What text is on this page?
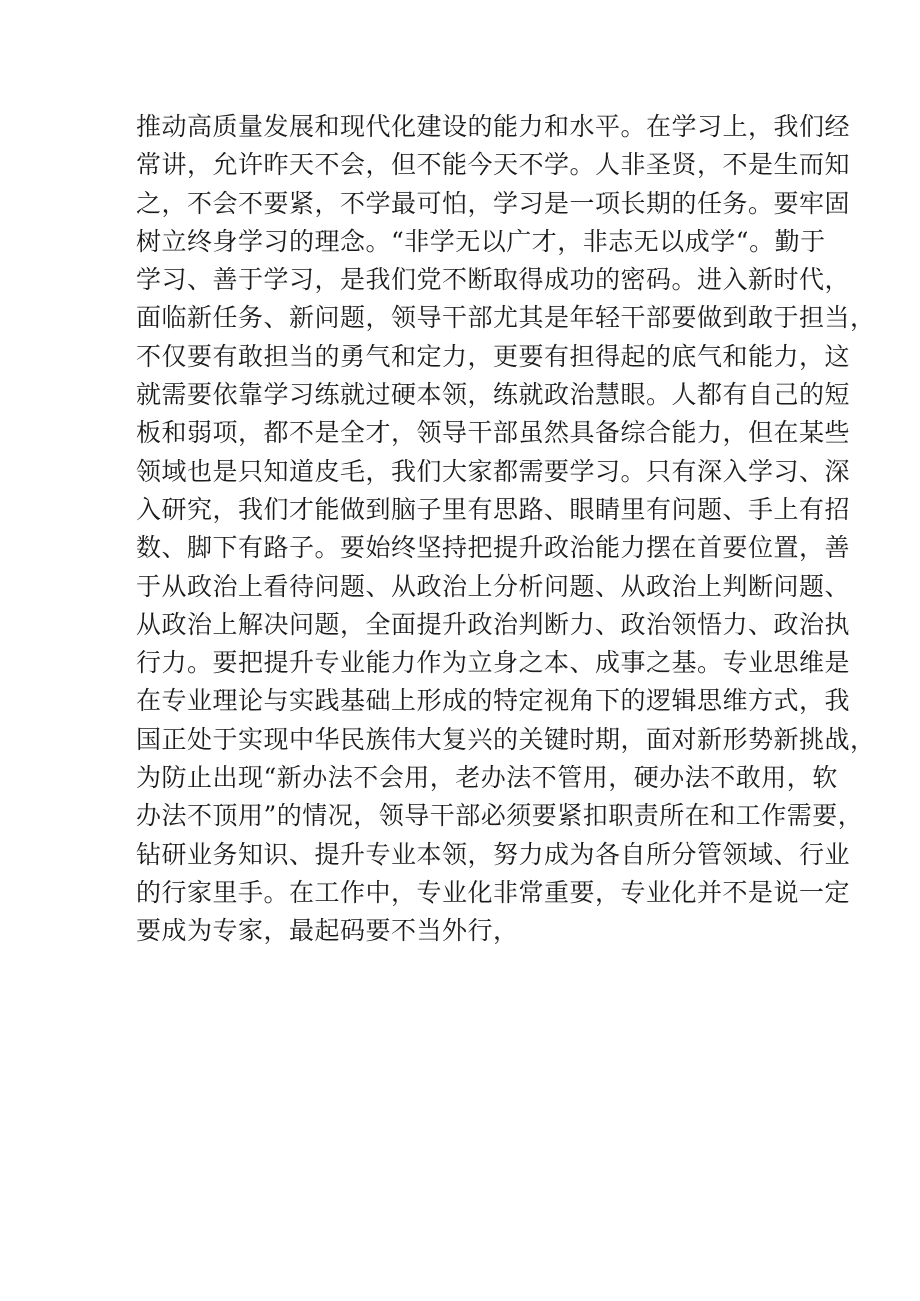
推动高质量发展和现代化建设的能力和水平。在学习上，我们经
常讲，允许昨天不会，但不能今天不学。人非圣贤，不是生而知
之，不会不要紧，不学最可怕，学习是一项长期的任务。要牢固
树立终身学习的理念。“非学无以广才，非志无以成学“。勤于
学习、善于学习，是我们党不断取得成功的密码。进入新时代，
面临新任务、新问题，领导干部尤其是年轻干部要做到敢于担当，
不仅要有敢担当的勇气和定力，更要有担得起的底气和能力，这
就需要依靠学习练就过硬本领，练就政治慧眼。人都有自己的短
板和弱项，都不是全才，领导干部虽然具备综合能力，但在某些
领域也是只知道皮毛，我们大家都需要学习。只有深入学习、深
入研究，我们才能做到脑子里有思路、眼睛里有问题、手上有招
数、脚下有路子。要始终坚持把提升政治能力摆在首要位置，善
于从政治上看待问题、从政治上分析问题、从政治上判断问题、
从政治上解决问题，全面提升政治判断力、政治领悟力、政治执
行力。要把提升专业能力作为立身之本、成事之基。专业思维是
在专业理论与实践基础上形成的特定视角下的逻辑思维方式，我
国正处于实现中华民族伟大复兴的关键时期，面对新形势新挑战，
为防止出现“新办法不会用，老办法不管用，硬办法不敢用，软
办法不顶用”的情况，领导干部必须要紧扣职责所在和工作需要，
钻研业务知识、提升专业本领，努力成为各自所分管领域、行业
的行家里手。在工作中，专业化非常重要，专业化并不是说一定
要成为专家，最起码要不当外行，
